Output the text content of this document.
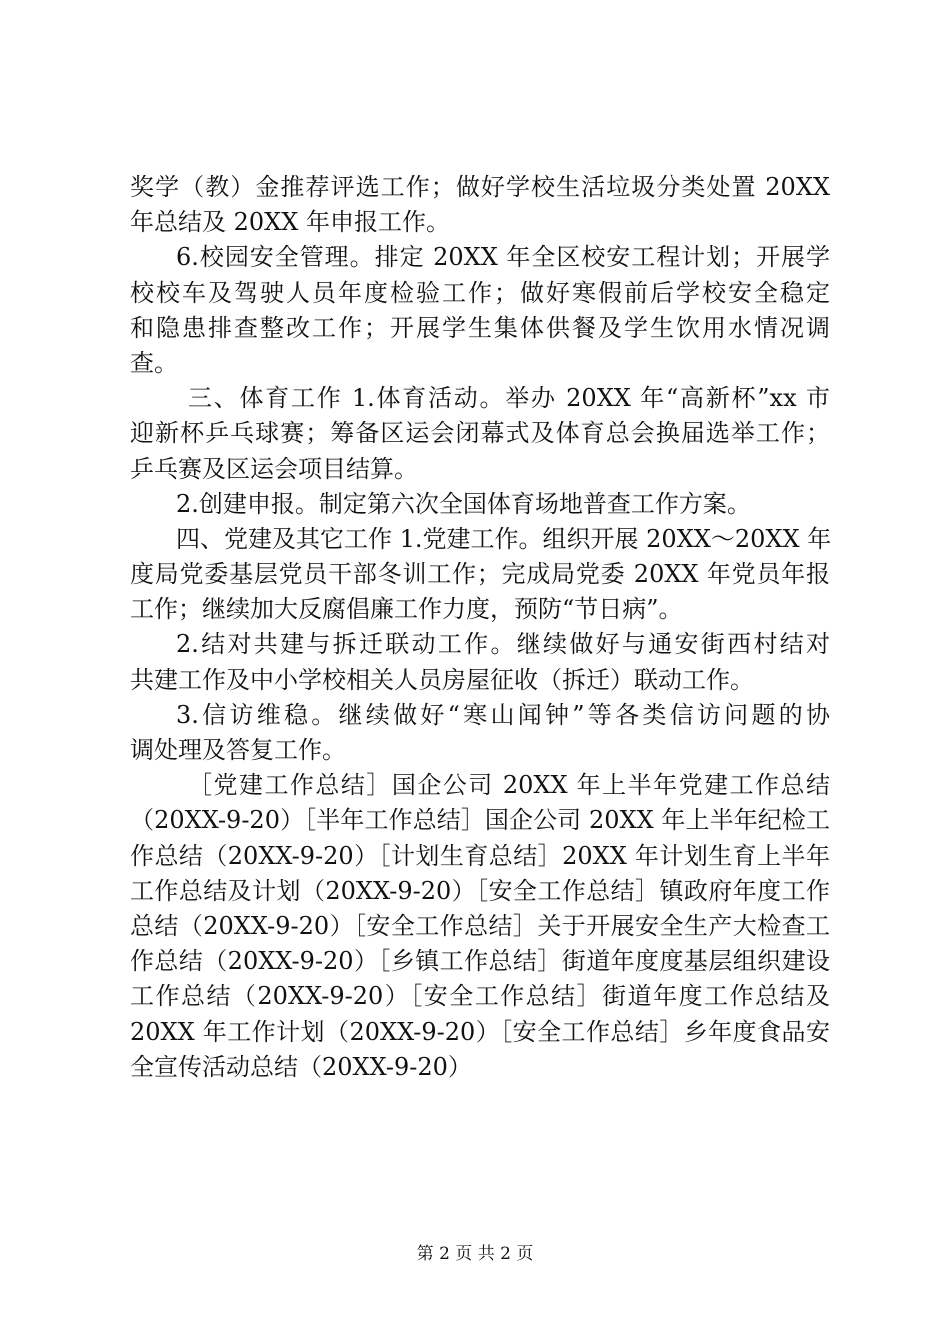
奖学（教）金推荐评选工作；做好学校生活垃圾分类处置 20XX
年总结及 20XX 年申报工作。
6.校园安全管理。排定 20XX 年全区校安工程计划；开展学
校校车及驾驶人员年度检验工作；做好寒假前后学校安全稳定
和隐患排查整改工作；开展学生集体供餐及学生饮用水情况调
查。
三、体育工作 1.体育活动。举办 20XX 年“高新杯”xx 市
迎新杯乒乓球赛；筹备区运会闭幕式及体育总会换届选举工作；
乒乓赛及区运会项目结算。
2.创建申报。制定第六次全国体育场地普查工作方案。
四、党建及其它工作 1.党建工作。组织开展 20XX～20XX 年
度局党委基层党员干部冬训工作；完成局党委 20XX 年党员年报
工作；继续加大反腐倡廉工作力度，预防“节日病”。
2.结对共建与拆迁联动工作。继续做好与通安街西村结对
共建工作及中小学校相关人员房屋征收（拆迁）联动工作。
3.信访维稳。继续做好“寒山闻钟”等各类信访问题的协
调处理及答复工作。
［党建工作总结］国企公司 20XX 年上半年党建工作总结
（20XX-9-20）［半年工作总结］国企公司 20XX 年上半年纪检工
作总结（20XX-9-20）［计划生育总结］20XX 年计划生育上半年
工作总结及计划（20XX-9-20）［安全工作总结］镇政府年度工作
总结（20XX-9-20）［安全工作总结］关于开展安全生产大检查工
作总结（20XX-9-20）［乡镇工作总结］街道年度度基层组织建设
工作总结（20XX-9-20）［安全工作总结］街道年度工作总结及
20XX 年工作计划（20XX-9-20）［安全工作总结］乡年度食品安
全宣传活动总结（20XX-9-20）
第 2 页 共 2 页
